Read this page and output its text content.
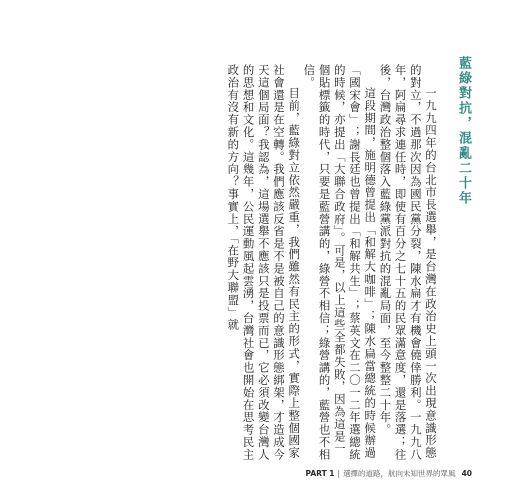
藍綠對抗，混亂二十年

一九九四年的台北市長選舉，是台灣在政治史上頭一次出現意識形態的對立，不過那次因為國民黨分裂，陳水扁才有機會僥倖勝利。一九九八年，阿扁尋求連任時，即使有百分之七十五的民眾滿意度，還是落選；往後，台灣政治整個落入藍綠黨派對抗的混亂局面，至今整整二十年。

這段期間，施明德曾提出「和解大咖啡」；陳水扁當總統的時候辦過「國宋會」；謝長廷也曾提出「和解共生」；蔡英文在二〇一二年選總統的時候，亦提出「大聯合政府」。可是，以上這些全都失敗，因為這是一個貼標籤的時代，只要是藍營講的，綠營不相信；綠營講的，藍營也不相信。

目前，藍綠對立依然嚴重，我們雖然有民主的形式，實際上整個國家社會還是在空轉。我們應該反省是不是被自己的意識形態綁架，才造成今天這個局面？我認為，這場選舉不應該只是投票而已，它必須改變台灣人的思想和文化。這幾年，公民運動風起雲湧，台灣社會也開始在思考民主政治有沒有新的方向？事實上，「在野大聯盟」就

PART 1 | 選擇的道路，航向未知世界的眾風 40
